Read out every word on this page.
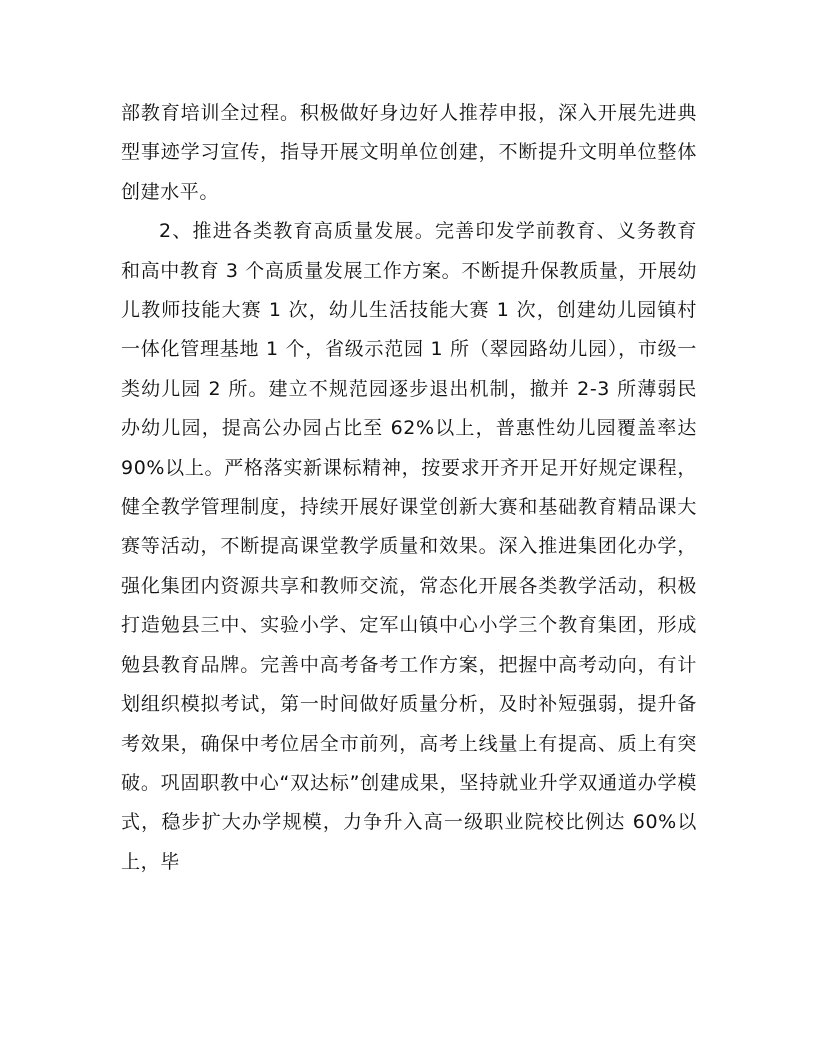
部教育培训全过程。积极做好身边好人推荐申报，深入开展先进典型事迹学习宣传，指导开展文明单位创建，不断提升文明单位整体创建水平。

2、推进各类教育高质量发展。完善印发学前教育、义务教育和高中教育 3 个高质量发展工作方案。不断提升保教质量，开展幼儿教师技能大赛 1 次，幼儿生活技能大赛 1 次，创建幼儿园镇村一体化管理基地 1 个，省级示范园 1 所（翠园路幼儿园），市级一类幼儿园 2 所。建立不规范园逐步退出机制，撤并 2-3 所薄弱民办幼儿园，提高公办园占比至 62%以上，普惠性幼儿园覆盖率达 90%以上。严格落实新课标精神，按要求开齐开足开好规定课程，健全教学管理制度，持续开展好课堂创新大赛和基础教育精品课大赛等活动，不断提高课堂教学质量和效果。深入推进集团化办学，强化集团内资源共享和教师交流，常态化开展各类教学活动，积极打造勉县三中、实验小学、定军山镇中心小学三个教育集团，形成勉县教育品牌。完善中高考备考工作方案，把握中高考动向，有计划组织模拟考试，第一时间做好质量分析，及时补短强弱，提升备考效果，确保中考位居全市前列，高考上线量上有提高、质上有突破。巩固职教中心“双达标”创建成果，坚持就业升学双通道办学模式，稳步扩大办学规模，力争升入高一级职业院校比例达 60%以上，毕
